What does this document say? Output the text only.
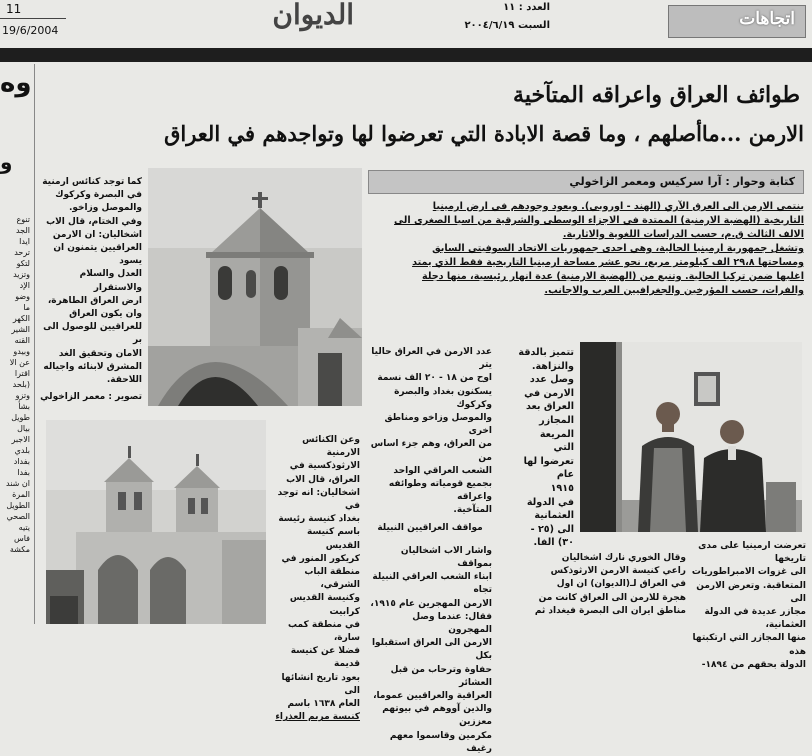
11
19/6/2004	الديوان	العدد : ١١
السبت ٢٠٠٤/٦/١٩	اتجاهات
وه
و
تنوع
الجد
ايدا
ترحد
لتكو
وتزيد
الإد
وضو
ما
الكهر
الشير
القنه
وبيدو
عن الا
اقترا
(بلحد
وتزو
بشأ
طويل
بيال
الاجبر
بلدي
بفداد
بفدا
ان شند
المرة
الطويل
الصحي
يتيه
فاس
مكشة
طوائف العراق واعراقه المتآخية
الارمن ...ماأصلهم ، وما قصة الابادة التي تعرضوا لها وتواجدهم في العراق
كتابة وحوار : آرا سركيس ومعمر الزاخولي
ينتمي الارمن الى العرق الآري (الهند - اوروبي). ويعود وجودهم في ارض ارمينيا
التاريخية (الهضبة الارمنية) الممتدة في الاجزاء الوسطى والشرقية من اسيا الصغرى الى
الالف الثالث ق.م، حسب الدراسات اللغوية والاثارية.
وتشغل جمهورية ارمينيا الحالية، وهي احدى جمهوريات الاتحاد السوفيتي السابق
ومساحتها ٢٩،٨ الف كيلومتر مربع، نحو عشر مساحة ارمينيا التاريخية فقط الذي يمتد
اغلبها ضمن تركيا الحالية. وتنبع من (الهضبة الارمنية) عدة انهار رئيسية، منها دجلة
والفرات، حسب المؤرخين والجغرافيين العرب والاجانب.
كما توجد كنائس ارمنية
في البصرة وكركوك
والموصل وزاخو.
وفي الختام، قال الاب
اشخاليان: ان الارمن
العراقيين يتمنون ان يسود
العدل والسلام والاستقرار
ارض العراق الطاهرة،
وان يكون العراق
للعراقيين للوصول الى بر
الامان وتحقيق الغد
المشرق لابنائه واجياله
اللاحقة.
تصوير : معمر الزاخولي
وعن الكنائس الارمنية
الارثوذكسية في
العراق، قال الاب
اشخاليان: انه توجد في
بغداد كنيسة رئيسة
باسم كنيسة القديس
كريكور المنور في
منطقة الباب الشرقي،
وكنيسة القديس كرابيت
في منطقة كمب سارة،
فضلا عن كنيسة قديمة
بعود تاريخ انشائها الى
العام ١٦٣٨ باسم
كنيسة مريم العذراء
عدد الارمن في العراق حاليا يتر
اوح من ١٨ - ٢٠ الف نسمة
يسكنون بغداد والبصرة وكركوك
والموصل وزاخو ومناطق اخرى
من العراق، وهم جزء اساس من
الشعب العراقي الواحد
بجميع قومياته وطوائفه واعراقه
المتآخية.
مواقف العراقيين النبيلة
واشار الاب اشخاليان بمواقف
ابناء الشعب العراقي النبيلة تجاه
الارمن المهجرين عام ١٩١٥،
فقال: عندما وصل المهجرون
الارمن الى العراق استقبلوا بكل
حفاوة وترحاب من قبل العشائر
العراقية والعراقيين عموما،
والذين آووهم في بيوتهم معززين
مكرمين وقاسموا معهم رغيف
تتميز بالدقة
والنزاهة.
وصل عدد
الارمن في
العراق بعد
المجازر
المريعة
التي
تعرضوا لها
عام
١٩١٥
في الدولة
العثمانية
الى (٢٥ -
٣٠) الفا.
وقال الخوري نارك اشخاليان
راعي كنيسة الارمن الارثوذكس
في العراق لـ(الديوان) ان اول
هجرة للارمن الى العراق كانت من
مناطق ايران الى البصرة فيغداد ثم
تعرضت ارمينيا على مدى تاريخها
الى غزوات الامبراطوريات
المتعاقبة. وتعرض الارمن الى
مجازر عديدة في الدولة العثمانية،
منها المجازر التي ارتكبتها هذه
الدولة بحقهم من ١٨٩٤-
